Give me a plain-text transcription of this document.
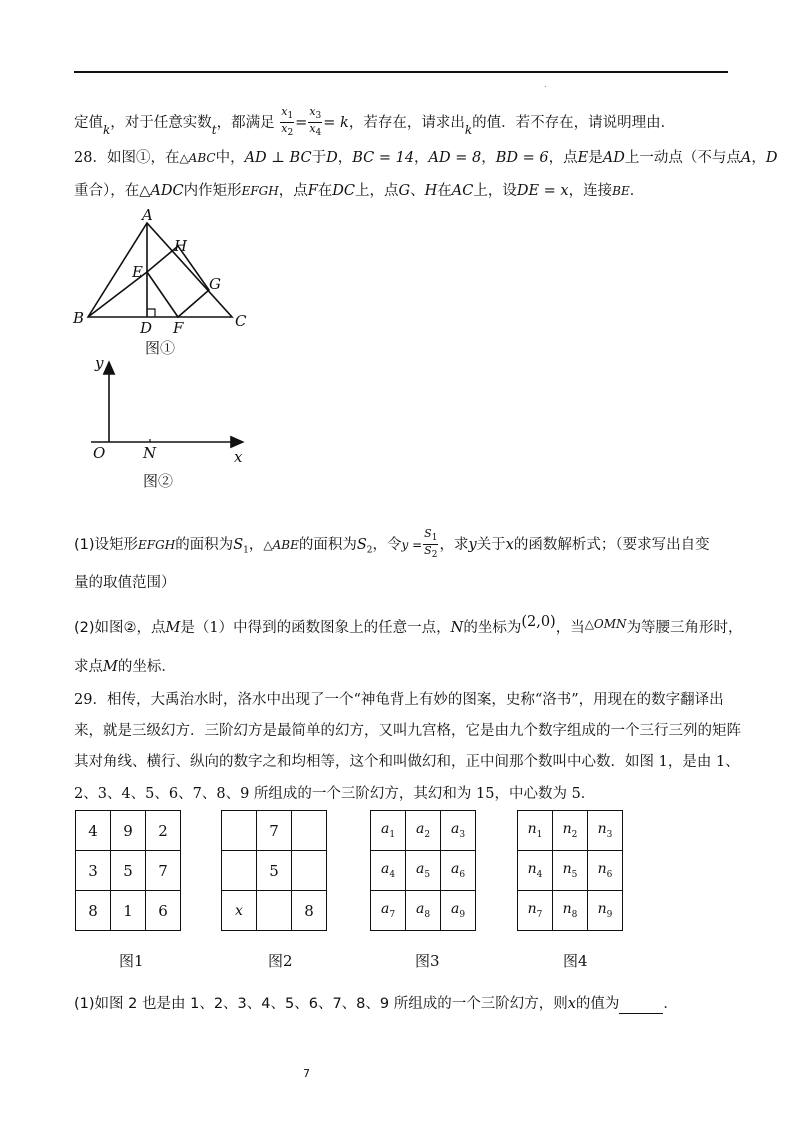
.
定值k，对于任意实数t，都满足 $\frac{x_1}{x_2} = \frac{x_3}{x_4} = k$，若存在，请求出k的值．若不存在，请说明理由．
28．如图①，在△ABC中，AD ⊥ BC于D，BC = 14，AD = 8，BD = 6，点E是AD上一动点（不与点A，D
重合），在△ADC内作矩形EFGH，点F在DC上，点G、H在AC上，设DE = x，连接BE．
A
H
E
G
B
D F	C
图①
y
O	N	x
图②
(1)设矩形EFGH的面积为$S_1$，△ABE的面积为$S_2$，令$y = \frac{S_1}{S_2}$ ，求y关于x的函数解析式；（要求写出自变
量的取值范围）
(2)如图②，点M是（1）中得到的函数图象上的任意一点，N的坐标为(2,0)，当△OMN为等腰三角形时，
求点M的坐标．
29．相传，大禹治水时，洛水中出现了一个“神龟背上有妙的图案，史称“洛书”，用现在的数字翻译出
来，就是三级幻方．三阶幻方是最简单的幻方，又叫九宫格，它是由九个数字组成的一个三行三列的矩阵
其对角线、横行、纵向的数字之和均相等，这个和叫做幻和，正中间那个数叫中心数．如图 1，是由 1、
2、3、4、5、6、7、8、9 所组成的一个三阶幻方，其幻和为 15，中心数为 5．
4	9	2
3	5	7
8	1	6
	7	
	5	
x		8
$a_1$	$a_2$	$a_3$
$a_4$	$a_5$	$a_6$
$a_7$	$a_8$	$a_9$
$n_1$	$n_2$	$n_3$
$n_4$	$n_5$	$n_6$
$n_7$	$n_8$	$n_9$
图1	图2	图3	图4
(1)如图 2 也是由 1、2、3、4、5、6、7、8、9 所组成的一个三阶幻方，则x的值为	．
7
